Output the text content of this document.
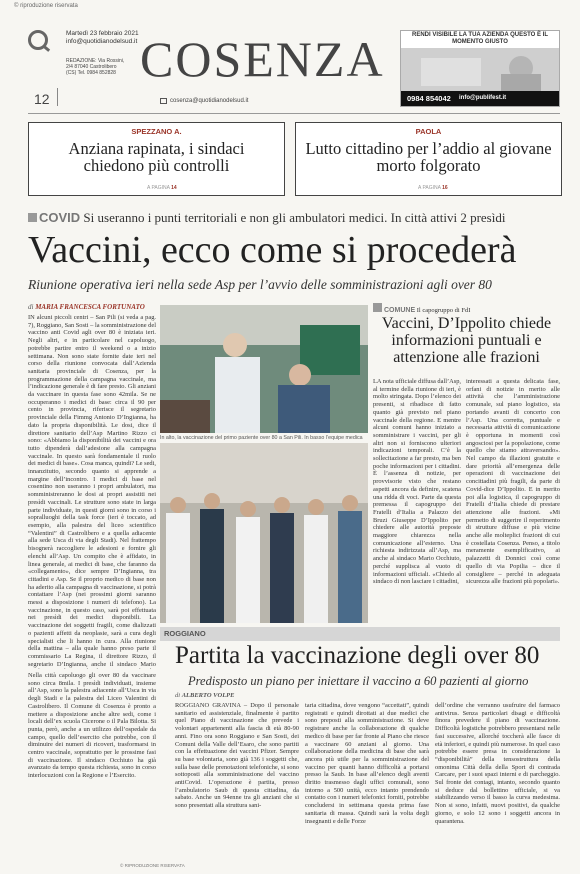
© riproduzione riservata
Martedì 23 febbraio 2021
info@quotidianodelsud.it
REDAZIONE: Via Rossini, 2/4 87040 Castrolibero (CS) Tel. 0984 852828
12
COSENZA
cosenza@quotidianodelsud.it
RENDI VISIBILE LA TUA AZIENDA QUESTO È IL MOMENTO GIUSTO
0984 854042 info@publifest.it
SPEZZANO A.
Anziana rapinata, i sindaci chiedono più controlli
A PAGINA 14
PAOLA
Lutto cittadino per l’addio al giovane morto folgorato
A PAGINA 16
COVID Si useranno i punti territoriali e non gli ambulatori medici. In città attivi 2 presìdi
Vaccini, ecco come si procederà
Riunione operativa ieri nella sede Asp per l’avvio delle somministrazioni agli over 80
di MARIA FRANCESCA FORTUNATO
IN alcuni piccoli centri – San Pili (si veda a pag. 7), Roggiano, San Sosti – la somministrazione del vaccino anti Covid agli over 80 è iniziata ieri. Negli altri, e in particolare nel capoluogo, potrebbe partire entro il weekend o a inizio settimana. Non sono state fornite date ieri nel corso della riunione convocata dall’Azienda sanitaria provinciale di Cosenza, per la programmazione della campagna vaccinale, ma l’indicazione generale è di fare presto. Gli anziani da vaccinare in questa fase sono 42mila. Se ne occuperanno i medici di base: circa il 90 per cento in provincia, riferisce il segretario provinciale della Fimmg Antonio D’Ingianna, ha dato la propria disponibilità. Le dosi, dice il direttore sanitario dell’Asp Martino Rizzo ci sono: «Abbiamo la disponibilità dei vaccini e ora tutto dipenderà dall’adesione alla campagna vaccinale. In questo sarà fondamentale il ruolo dei medici di base». Cosa manca, quindi? Le sedi, innanzitutto, secondo quanto si apprende a margine dell’incontro. I medici di base nel cosentino non useranno i propri ambulatori, ma somministreranno le dosi ai propri assistiti nei presìdi vaccinali. Le strutture sono state in larga parte individuate, in questi giorni sono in corso i sopralluoghi della task force (ieri è toccato, ad esempio, alla palestra del liceo scientifico “Valentini” di Castrolibero e a quella adiacente alla sede Usca di via degli Stadi). Nel frattempo bisognerà raccogliere le adesioni e fornire gli elenchi all’Asp. Un compito che è affidato, in linea generale, ai medici di base, che faranno da «collegamento», dice sempre D’Ingianna, tra cittadini e Asp. Se il proprio medico di base non ha aderito alla campagna di vaccinazione, si potrà contattare l’Asp (nei prossimi giorni saranno messi a disposizione i numeri di telefono). La vaccinazione, in questo caso, sarà poi effettuata nei presìdi dei medici disponibili. La vaccinazione dei soggetti fragili, come dializzati o pazienti affetti da neoplasie, sarà a cura degli specialisti che li hanno in cura. Alla riunione della mattina – alla quale hanno preso parte il commissario La Regina, il direttore Rizzo, il segretario D’Ingianna, anche il sindaco Mario
Nella città capoluogo gli over 80 da vaccinare sono circa 8mila. I presìdi individuati, insieme all’Asp, sono la palestra adiacente all’Usca in via degli Stadi e la palestra del Liceo Valentini di Castrolibero. Il Comune di Cosenza è pronto a mettere a disposizione anche altre sedi, come i locali dell’ex scuola Cicerone o il Pala Bilotta. Si punta, però, anche a un utilizzo dell’ospedale da campo, quello dell’esercito che potrebbe, con il diminuire dei numeri di ricoveri, trasformarsi in centro vaccinale, soprattutto per le prossime fasi di vaccinazione. Il sindaco Occhiuto ha già avanzato da tempo questa richiesta, sono in corso interlocuzioni con la Regione e l’Esercito.
In alto, la vaccinazione del primo paziente over 80 a San Pili. In basso l’equipe medica
COMUNE Il capogruppo di FdI
Vaccini, D’Ippolito chiede informazioni puntuali e attenzione alle frazioni
LA nota ufficiale diffusa dall’Asp, al termine della riunione di ieri, è molto stringata. Dopo l’elenco dei presenti, si ribadisce di fatto quanto già previsto nel piano vaccinale della regione. E mentre alcuni comuni hanno iniziato a somministrare i vaccini, per gli altri non si forniscono ulteriori indicazioni temporali. C’è la sollecitazione a far presto, ma ben poche informazioni per i cittadini. È l’assenza di notizie, per provvisorie visto che restano aspetti ancora da definire, scatena una ridda di voci. Parte da questa premessa il capogruppo dei Fratelli d’Italia a Palazzo dei Bruzi Giuseppe D’Ippolito per chiedere alle autorità preposte maggiore chiarezza nella comunicazione all’esterno. Una richiesta indirizzata all’Asp, ma anche al sindaco Mario Occhiuto, perché supplisca al vuoto di informazioni ufficiali. «Chiedo al sindaco di non lasciare i cittadini,
interessati a questa delicata fase, orfani di notizie in merito alle attività che l’amministrazione comunale, sul piano logistico, sta portando avanti di concerto con l’Asp. Una corretta, puntuale e necessaria attività di comunicazione è opportuna in momenti così angosciosi per la popolazione, come quello che stiamo attraversando». Nel campo da illazioni gratuite e dare priorità all’emergenza delle operazioni di vaccinazione dei concittadini più fragili, da parte di Covid-dice D’Ippolito. E in merito poi alla logistica, il capogruppo di Fratelli d’Italia chiede di prestare attenzione alle frazioni. «Mi permetto di suggerire il reperimento di strutture diffuse e più vicine anche alle molteplici frazioni di cui è costellata Cosenza. Penso, a titolo meramente esemplificativo, ai palazzetti di Donnici così come quello di via Popilia – dice il consigliere – perché in adeguata sicurezza alle frazioni più popolari».
ROGGIANO
Partita la vaccinazione degli over 80
Predisposto un piano per iniettare il vaccino a 60 pazienti al giorno
di ALBERTO VOLPE
ROGGIANO GRAVINA – Dopo il personale sanitario ed assistenziale, finalmente è partito quel Piano di vaccinazione che prevede i volontari appartenenti alla fascia di età 80-90 anni. Fino ora sono Roggiano e San Sosti, dei Comuni della Valle dell’Esaro, che sono partiti con la effettuazione dei vaccini Pfizer. Sempre su base volontaria, sono già 136 i soggetti che, sulla base delle prenotazioni telefoniche, si sono sottoposti alla somministrazione del vaccino antiCovid. L’operazione è partita, presso l’ambulatorio Saub di questa cittadina, da sabato. Anche un 94enne tra gli anziani che si sono presentati alla struttura sani-
taria cittadina, dove vengono “accettati”, quindi registrati e quindi dirottati ai due medici che sono preposti alla somministrazione. Si deve registrare anche la collaborazione di qualche medico di base per far fronte al Piano che riesce a vaccinare 60 anziani al giorno. Una collaborazione della medicina di base che sarà ancora più utile per la somministrazione del vaccino per quanti hanno difficoltà a portarsi presso la Saub. In base all’elenco degli aventi diritto trasmesso dagli uffici comunali, sono intorno a 500 unità, ecco intanto prendendo contatto con i numeri telefonici forniti, potrebbe concludersi in settimana questa prima fase sanitaria di massa. Quindi sarà la volta degli insegnanti e delle Forze
dell’ordine che verranno usufruire del farmaco antivirus. Senza particolari disagi e difficoltà finora prevedere il piano di vaccinazione. Difficoltà logistiche potrebbero presentarsi nelle fasi successive, allorché toccherà alle fasce di età inferiori, e quindi più numerose. In quel caso potrebbe essere presa in considerazione la “disponibilità” della tensostruttura della omonima Città della della Sport di contrada Carcare, per i suoi spazi interni e di parcheggio. Sul fronte dei contagi, intanto, secondo quanto si deduce dal bollettino ufficiale, si va stabilizzando verso il basso la curva medesima. Non si sono, infatti, nuovi positivi, da qualche giorno, e solo 12 sono i soggetti ancora in quarantena.
© RIPRODUZIONE RISERVATA
